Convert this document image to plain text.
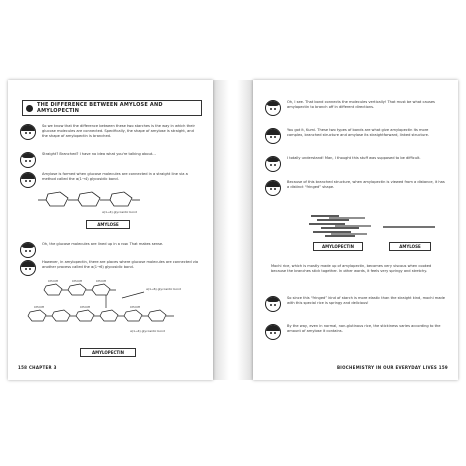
THE DIFFERENCE BETWEEN AMYLOSE AND AMYLOPECTIN
So we know that the difference between these two starches is the way in which their glucose molecules are connected. Specifically, the shape of amylose is straight, and the shape of amylopectin is branched.
Straight? Branched? I have no idea what you're talking about…
Amylose is formed when glucose molecules are connected in a straight line via a method called the α(1→4) glycosidic bond.
α(1→4) glycosidic bond
AMYLOSE
Oh, the glucose molecules are lined up in a row. That makes sense.
However, in amylopectin, there are places where glucose molecules are connected via another process called the α(1→6) glycosidic bond.
CH₂OH	CH₂OH	CH₂OH
CH₂OH	CH₂OH	CH₂OH
α(1→6) glycosidic bond
α(1→4) glycosidic bond
AMYLOPECTIN
158 CHAPTER 3
Oh, I see. That bond connects the molecules vertically! That must be what causes amylopectin to branch off in different directions.
You got it, Kumi. These two types of bonds are what give amylopectin its more complex, branched structure and amylose its straightforward, linked structure.
I totally understand! Man, I thought this stuff was supposed to be difficult.
Because of this branched structure, when amylopectin is viewed from a distance, it has a distinct “fringed” shape.
AMYLOPECTIN	AMYLOSE
Mochi rice, which is mostly made up of amylopectin, becomes very viscous when cooked because the branches stick together. In other words, it feels very springy and stretchy.
So since this “fringed” kind of starch is more elastic than the straight kind, mochi made with this special rice is springy and delicious!
By the way, even in normal, non-glutinous rice, the stickiness varies according to the amount of amylose it contains.
BIOCHEMISTRY IN OUR EVERYDAY LIVES 159
